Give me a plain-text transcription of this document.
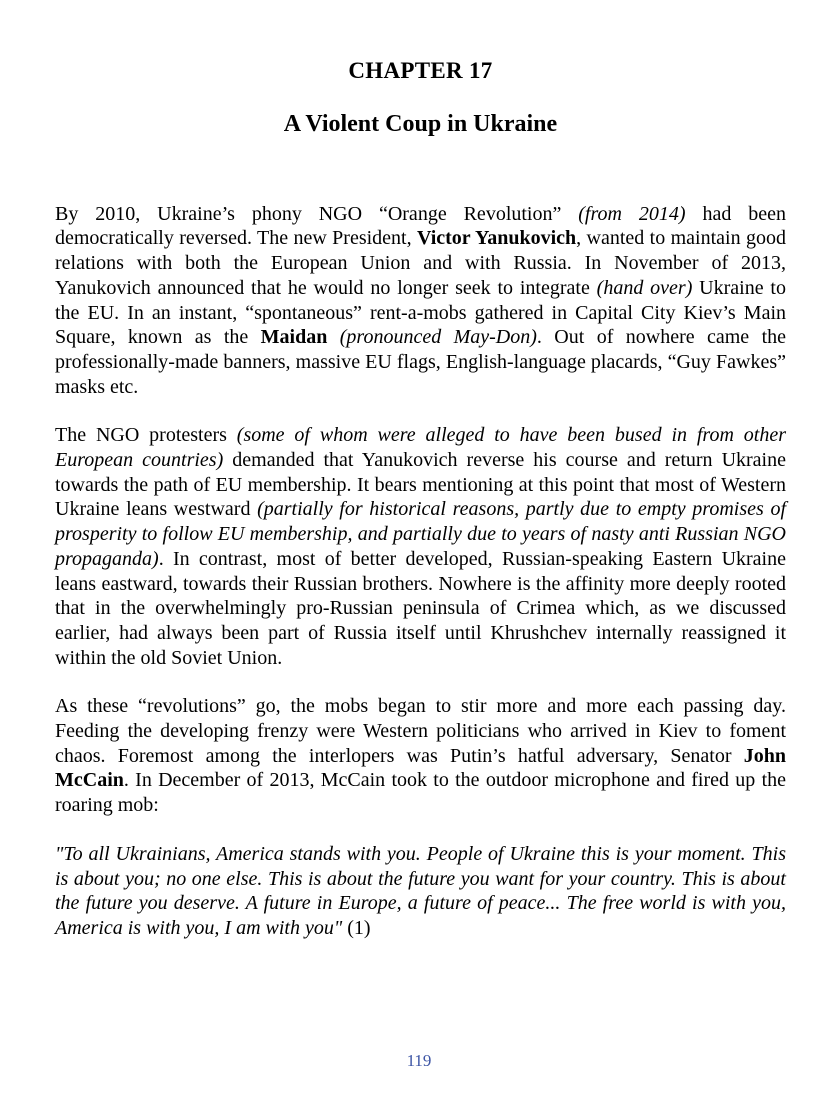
CHAPTER 17
A Violent Coup in Ukraine

By 2010, Ukraine’s phony NGO “Orange Revolution” (from 2014) had been democratically reversed. The new President, Victor Yanukovich, wanted to maintain good relations with both the European Union and with Russia. In November of 2013, Yanukovich announced that he would no longer seek to integrate (hand over) Ukraine to the EU. In an instant, “spontaneous” rent-a-mobs gathered in Capital City Kiev’s Main Square, known as the Maidan (pronounced May-Don). Out of nowhere came the professionally-made banners, massive EU flags, English-language placards, “Guy Fawkes” masks etc.

The NGO protesters (some of whom were alleged to have been bused in from other European countries) demanded that Yanukovich reverse his course and return Ukraine towards the path of EU membership. It bears mentioning at this point that most of Western Ukraine leans westward (partially for historical reasons, partly due to empty promises of prosperity to follow EU membership, and partially due to years of nasty anti Russian NGO propaganda). In contrast, most of better developed, Russian-speaking Eastern Ukraine leans eastward, towards their Russian brothers. Nowhere is the affinity more deeply rooted that in the overwhelmingly pro-Russian peninsula of Crimea which, as we discussed earlier, had always been part of Russia itself until Khrushchev internally reassigned it within the old Soviet Union.

As these “revolutions” go, the mobs began to stir more and more each passing day. Feeding the developing frenzy were Western politicians who arrived in Kiev to foment chaos. Foremost among the interlopers was Putin’s hatful adversary, Senator John McCain. In December of 2013, McCain took to the outdoor microphone and fired up the roaring mob:

"To all Ukrainians, America stands with you. People of Ukraine this is your moment. This is about you; no one else. This is about the future you want for your country. This is about the future you deserve. A future in Europe, a future of peace... The free world is with you, America is with you, I am with you" (1)

119
